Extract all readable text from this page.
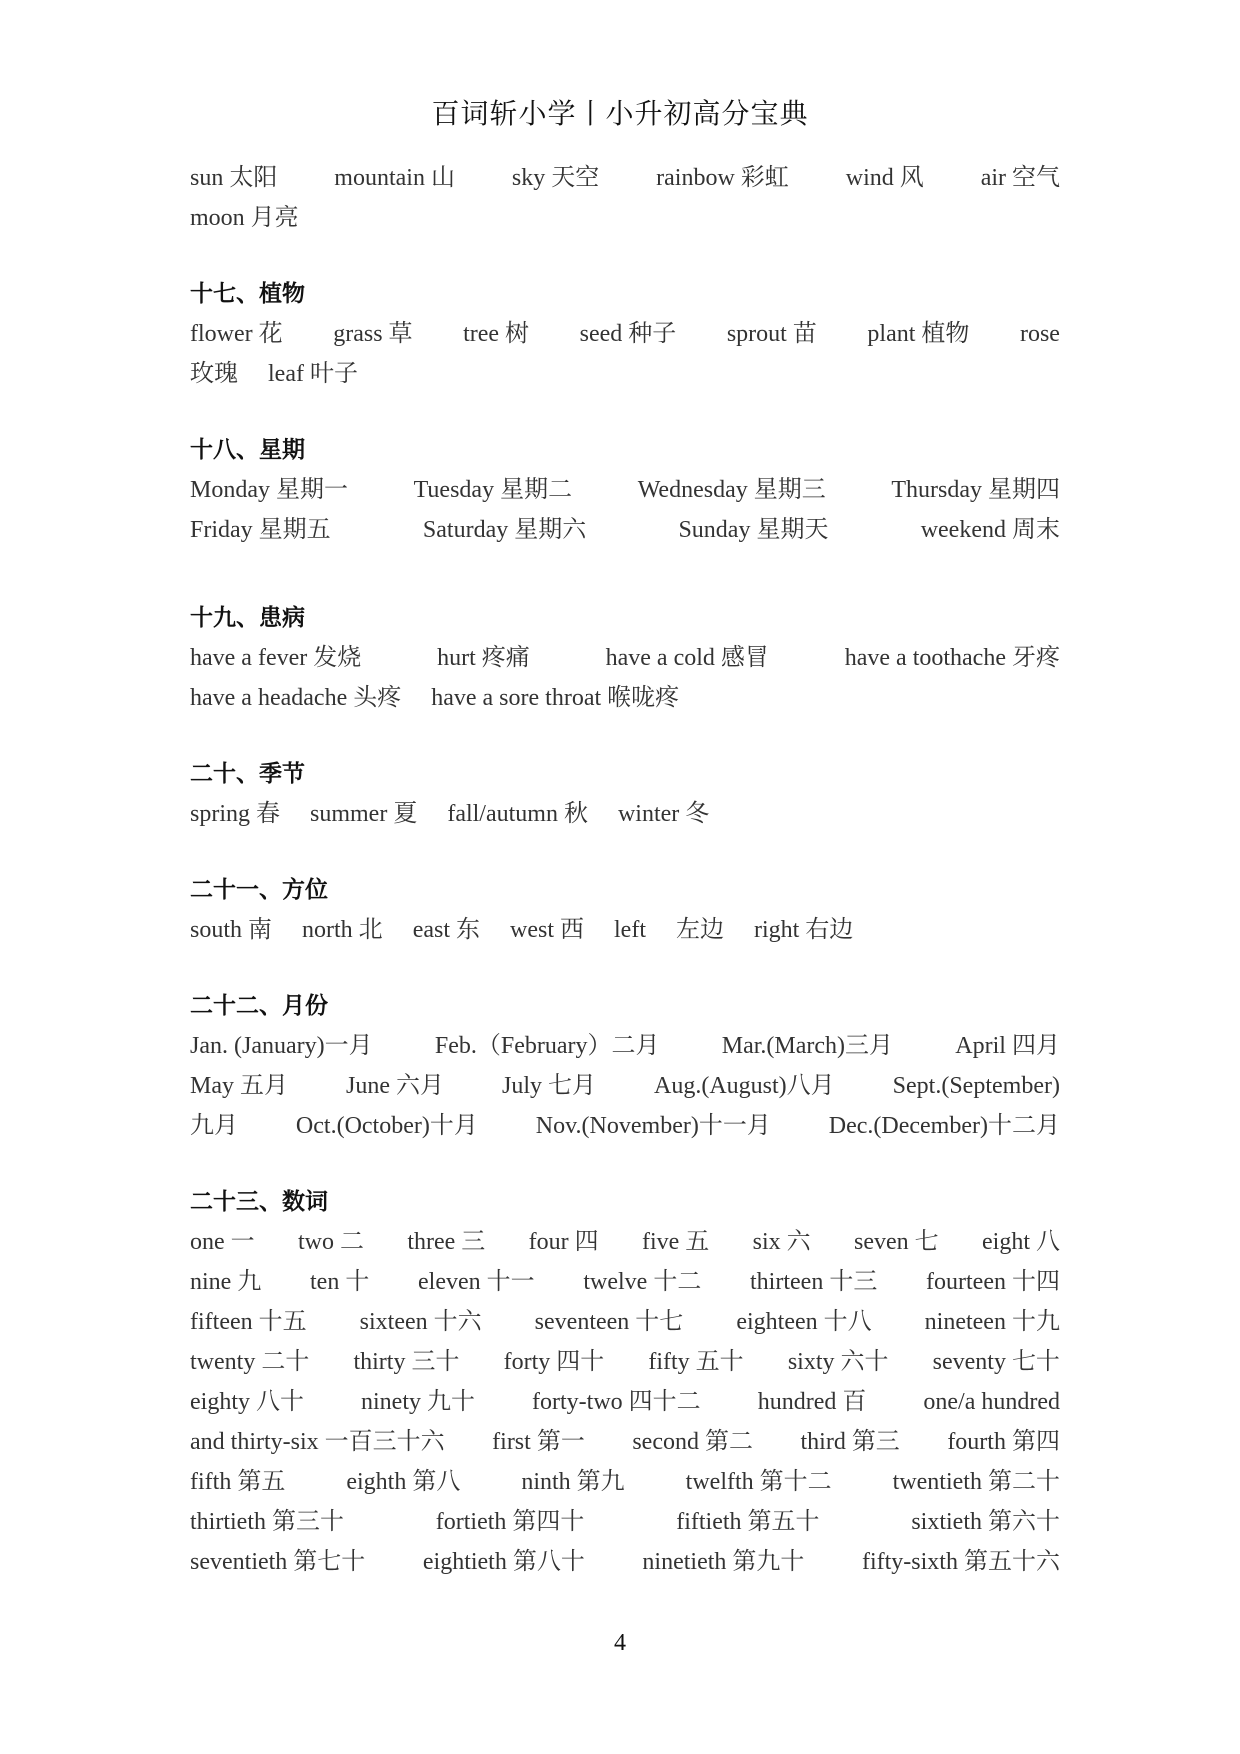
百词斩小学丨小升初高分宝典
sun 太阳 mountain 山 sky 天空 rainbow 彩虹 wind 风 air 空气
moon 月亮
十七、植物
flower 花 grass 草 tree 树 seed 种子 sprout 苗 plant 植物 rose
玫瑰 leaf 叶子
十八、星期
Monday 星期一	Tuesday 星期二	Wednesday 星期三	Thursday 星期四
Friday 星期五	Saturday 星期六	Sunday 星期天	weekend 周末
十九、患病
have a fever 发烧	hurt 疼痛	have a cold 感冒	have a toothache 牙疼
have a headache 头疼 have a sore throat 喉咙疼
二十、季节
spring 春 summer 夏 fall/autumn 秋 winter 冬
二十一、方位
south 南 north 北 east 东 west 西 left 左边 right 右边
二十二、月份
Jan. (January)一月	Feb.（February）二月	Mar.(March)三月	April 四月
May 五月 June 六月 July 七月 Aug.(August)八月 Sept.(September)
九月 Oct.(October)十月 Nov.(November)十一月 Dec.(December)十二月
二十三、数词
one 一 two 二 three 三 four 四 five 五 six 六 seven 七 eight 八
nine 九 ten 十 eleven 十一 twelve 十二 thirteen 十三 fourteen 十四
fifteen 十五 sixteen 十六 seventeen 十七 eighteen 十八 nineteen 十九
twenty 二十 thirty 三十 forty 四十 fifty 五十 sixty 六十 seventy 七十
eighty 八十 ninety 九十 forty-two 四十二 hundred 百 one/a hundred
and thirty-six 一百三十六 first 第一 second 第二 third 第三 fourth 第四
fifth 第五	eighth 第八	ninth 第九	twelfth 第十二	twentieth 第二十
thirtieth 第三十	fortieth 第四十	fiftieth 第五十	sixtieth 第六十
seventieth 第七十 eightieth 第八十 ninetieth 第九十 fifty-sixth 第五十六
4
